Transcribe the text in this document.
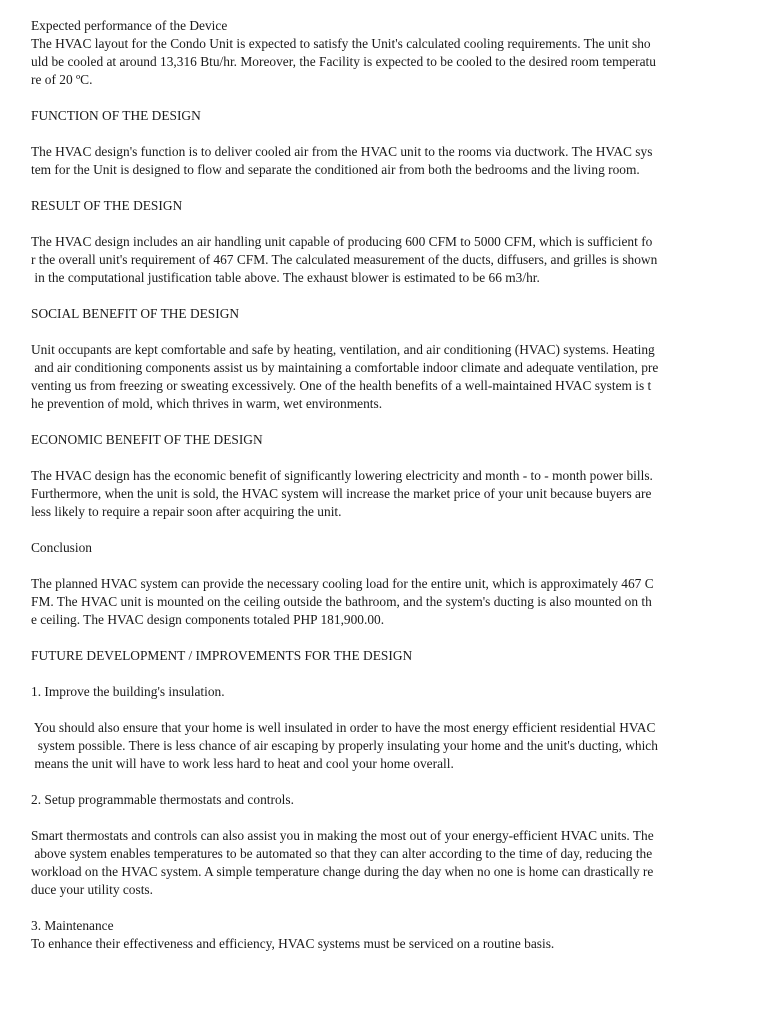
Expected performance of the Device
The HVAC layout for the Condo Unit is expected to satisfy the Unit's calculated cooling requirements. The unit sho
uld be cooled at around 13,316 Btu/hr. Moreover, the Facility is expected to be cooled to the desired room temperatu
re of 20 ºC.
FUNCTION OF THE DESIGN
The HVAC design's function is to deliver cooled air from the HVAC unit to the rooms via ductwork. The HVAC sys
tem for the Unit is designed to flow and separate the conditioned air from both the bedrooms and the living room.
RESULT OF THE DESIGN
The HVAC design includes an air handling unit capable of producing 600 CFM to 5000 CFM, which is sufficient fo
r the overall unit's requirement of 467 CFM. The calculated measurement of the ducts, diffusers, and grilles is shown
in the computational justification table above. The exhaust blower is estimated to be 66 m3/hr.
SOCIAL BENEFIT OF THE DESIGN
Unit occupants are kept comfortable and safe by heating, ventilation, and air conditioning (HVAC) systems. Heating
and air conditioning components assist us by maintaining a comfortable indoor climate and adequate ventilation, pre
venting us from freezing or sweating excessively. One of the health benefits of a well-maintained HVAC system is t
he prevention of mold, which thrives in warm, wet environments.
ECONOMIC BENEFIT OF THE DESIGN
The HVAC design has the economic benefit of significantly lowering electricity and month - to - month power bills.
Furthermore, when the unit is sold, the HVAC system will increase the market price of your unit because buyers are
less likely to require a repair soon after acquiring the unit.
Conclusion
The planned HVAC system can provide the necessary cooling load for the entire unit, which is approximately 467 C
FM. The HVAC unit is mounted on the ceiling outside the bathroom, and the system's ducting is also mounted on th
e ceiling. The HVAC design components totaled PHP 181,900.00.
FUTURE DEVELOPMENT / IMPROVEMENTS FOR THE DESIGN
1. Improve the building's insulation.
You should also ensure that your home is well insulated in order to have the most energy efficient residential HVAC
system possible. There is less chance of air escaping by properly insulating your home and the unit's ducting, which
means the unit will have to work less hard to heat and cool your home overall.
2. Setup programmable thermostats and controls.
Smart thermostats and controls can also assist you in making the most out of your energy-efficient HVAC units. The
above system enables temperatures to be automated so that they can alter according to the time of day, reducing the
workload on the HVAC system. A simple temperature change during the day when no one is home can drastically re
duce your utility costs.
3. Maintenance
To enhance their effectiveness and efficiency, HVAC systems must be serviced on a routine basis.
